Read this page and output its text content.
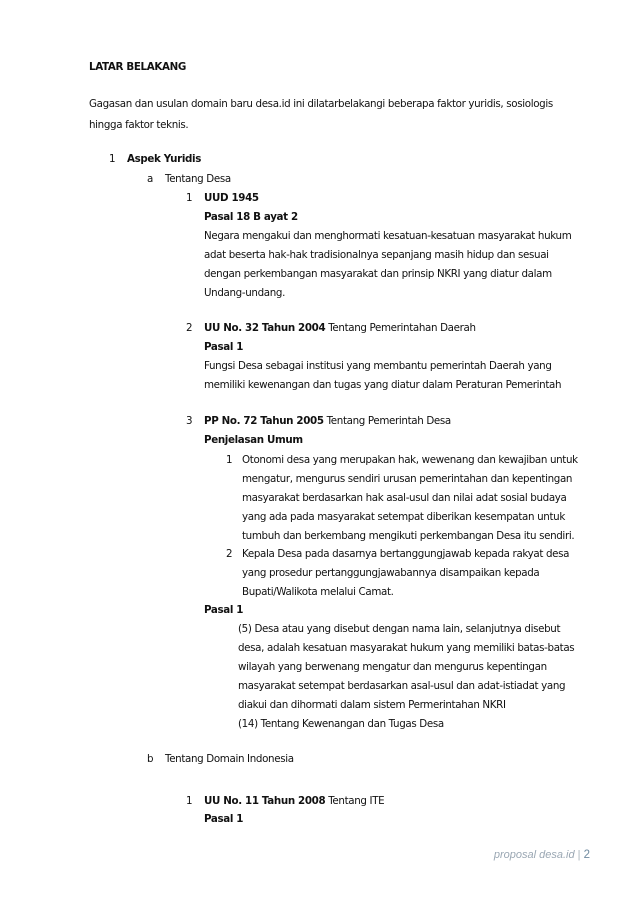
LATAR BELAKANG
Gagasan dan usulan domain baru desa.id ini dilatarbelakangi beberapa faktor yuridis, sosiologis
hingga faktor teknis.
1 Aspek Yuridis
a Tentang Desa
1 UUD 1945
Pasal 18 B ayat 2
Negara mengakui dan menghormati kesatuan-kesatuan masyarakat hukum
adat beserta hak-hak tradisionalnya sepanjang masih hidup dan sesuai
dengan perkembangan masyarakat dan prinsip NKRI yang diatur dalam
Undang-undang.
2 UU No. 32 Tahun 2004 Tentang Pemerintahan Daerah
Pasal 1
Fungsi Desa sebagai institusi yang membantu pemerintah Daerah yang
memiliki kewenangan dan tugas yang diatur dalam Peraturan Pemerintah
3 PP No. 72 Tahun 2005 Tentang Pemerintah Desa
Penjelasan Umum
1 Otonomi desa yang merupakan hak, wewenang dan kewajiban untuk
mengatur, mengurus sendiri urusan pemerintahan dan kepentingan
masyarakat berdasarkan hak asal-usul dan nilai adat sosial budaya
yang ada pada masyarakat setempat diberikan kesempatan untuk
tumbuh dan berkembang mengikuti perkembangan Desa itu sendiri.
2 Kepala Desa pada dasarnya bertanggungjawab kepada rakyat desa
yang prosedur pertanggungjawabannya disampaikan kepada
Bupati/Walikota melalui Camat.
Pasal 1
(5) Desa atau yang disebut dengan nama lain, selanjutnya disebut
desa, adalah kesatuan masyarakat hukum yang memiliki batas-batas
wilayah yang berwenang mengatur dan mengurus kepentingan
masyarakat setempat berdasarkan asal-usul dan adat-istiadat yang
diakui dan dihormati dalam sistem Permerintahan NKRI
(14) Tentang Kewenangan dan Tugas Desa
b Tentang Domain Indonesia
1 UU No. 11 Tahun 2008 Tentang ITE
Pasal 1
proposal desa.id | 2
